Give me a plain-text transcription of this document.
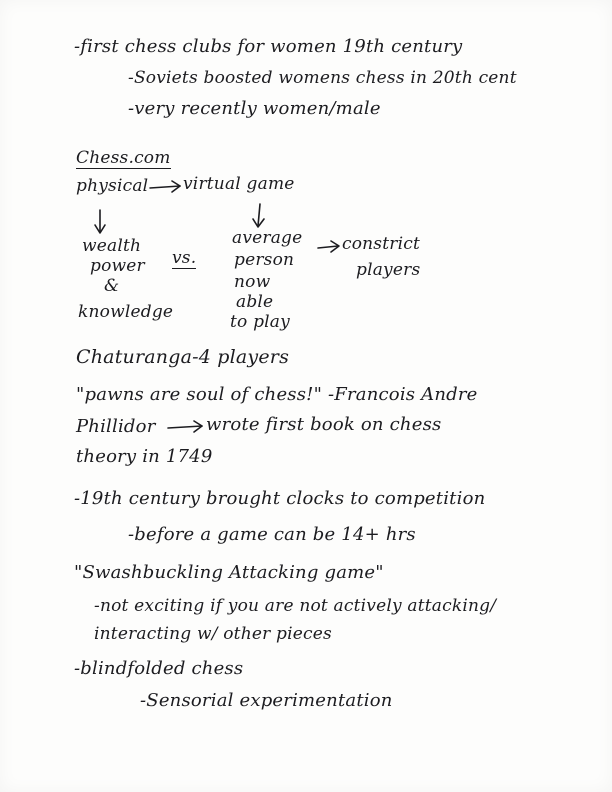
-first chess clubs for women 19th century
-Soviets boosted womens chess in 20th cent
-very recently women/male
Chess.com
physical virtual game
wealth
power
&
knowledge
vs.
average
person
now
able
to play
constrict
players
Chaturanga-4 players
"pawns are soul of chess!" -Francois Andre
Phillidor	wrote first book on chess
theory in 1749
-19th century brought clocks to competition
-before a game can be 14+ hrs
"Swashbuckling Attacking game"
-not exciting if you are not actively attacking/
interacting w/ other pieces
-blindfolded chess
-Sensorial experimentation
